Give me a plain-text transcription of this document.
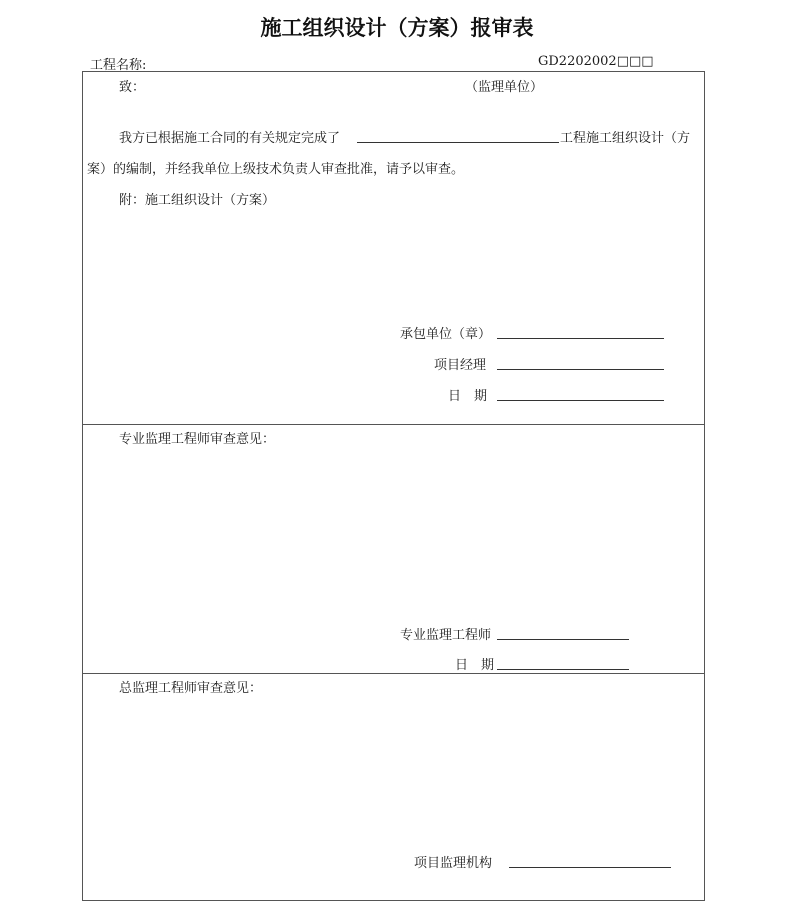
施工组织设计（方案）报审表
工程名称:	GD2202002□□□
致：	（监理单位）
我方已根据施工合同的有关规定完成了	工程施工组织设计（方
案）的编制，并经我单位上级技术负责人审查批准，请予以审查。
附：施工组织设计（方案）
承包单位（章）
项目经理
日　期
专业监理工程师审查意见：
专业监理工程师
日　期
总监理工程师审查意见：
项目监理机构
